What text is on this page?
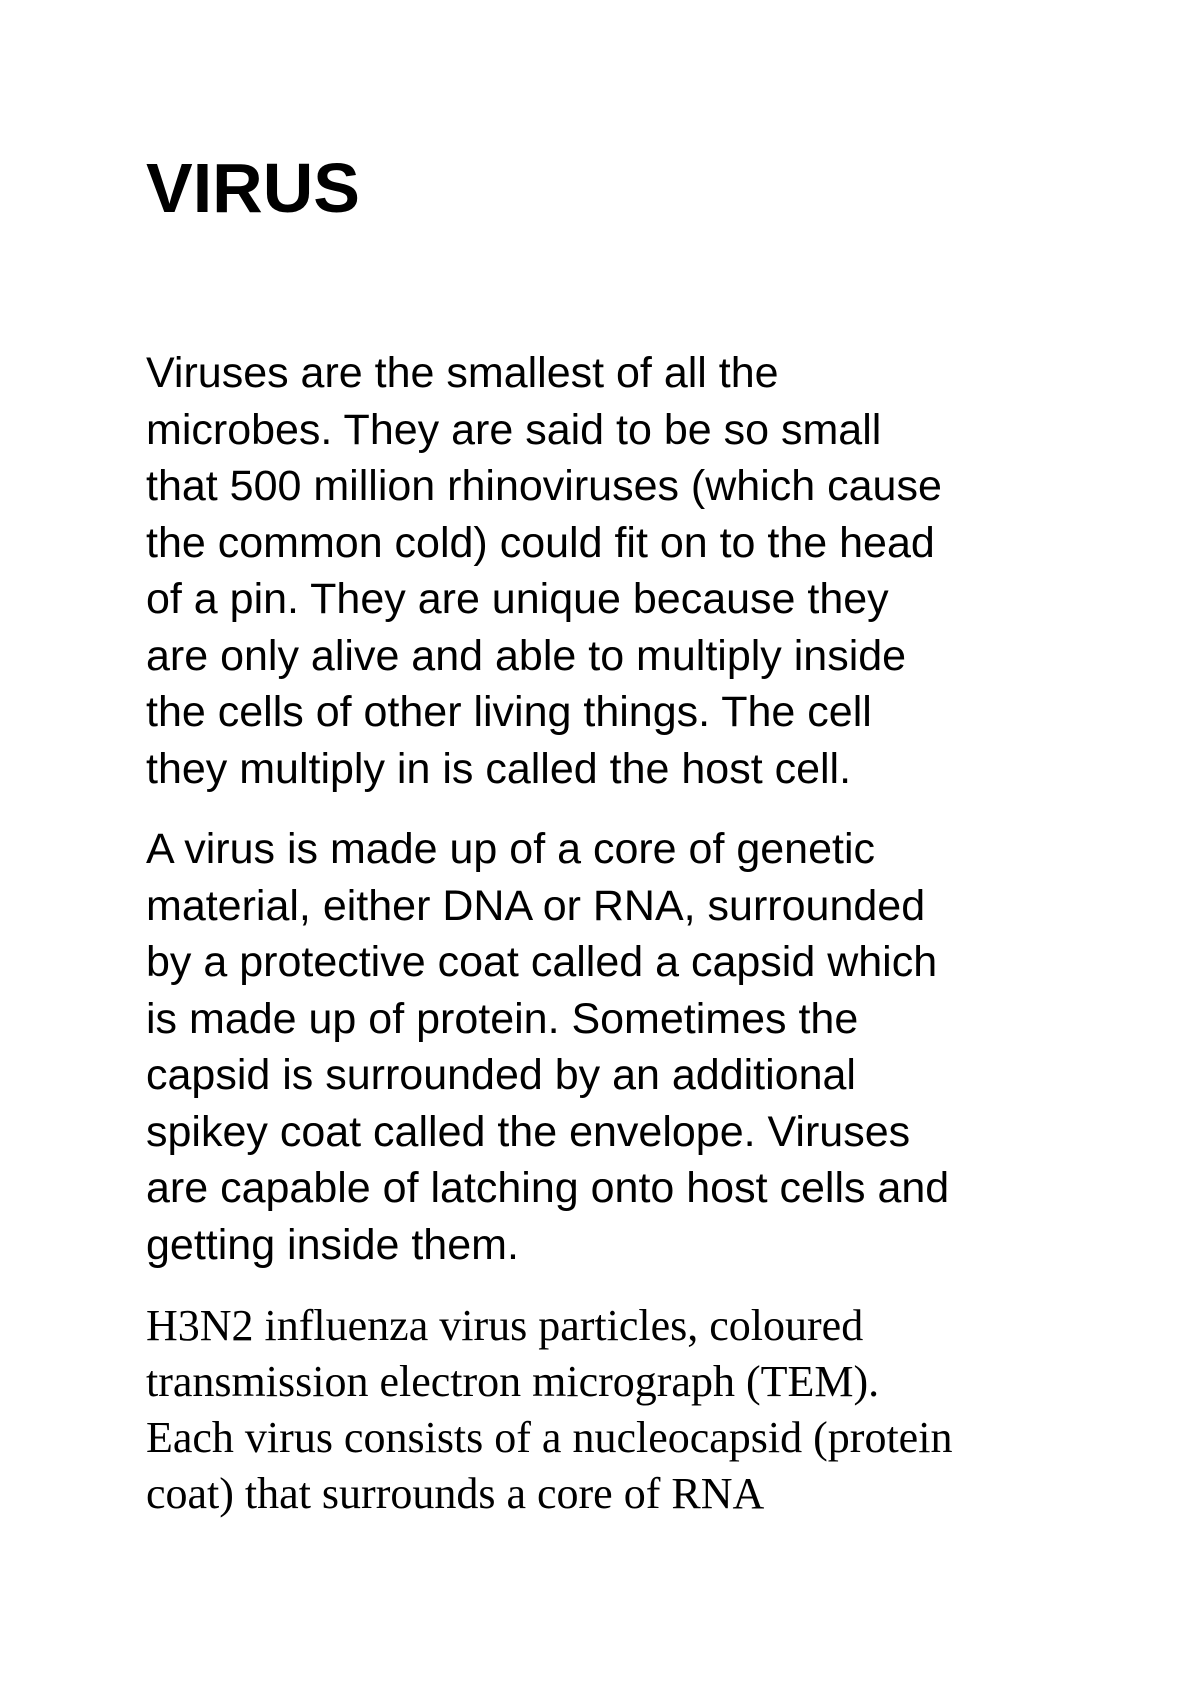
VIRUS

Viruses are the smallest of all the
microbes. They are said to be so small
that 500 million rhinoviruses (which cause
the common cold) could fit on to the head
of a pin. They are unique because they
are only alive and able to multiply inside
the cells of other living things. The cell
they multiply in is called the host cell.

A virus is made up of a core of genetic
material, either DNA or RNA, surrounded
by a protective coat called a capsid which
is made up of protein. Sometimes the
capsid is surrounded by an additional
spikey coat called the envelope. Viruses
are capable of latching onto host cells and
getting inside them.

H3N2 influenza virus particles, coloured
transmission electron micrograph (TEM).
Each virus consists of a nucleocapsid (protein
coat) that surrounds a core of RNA
